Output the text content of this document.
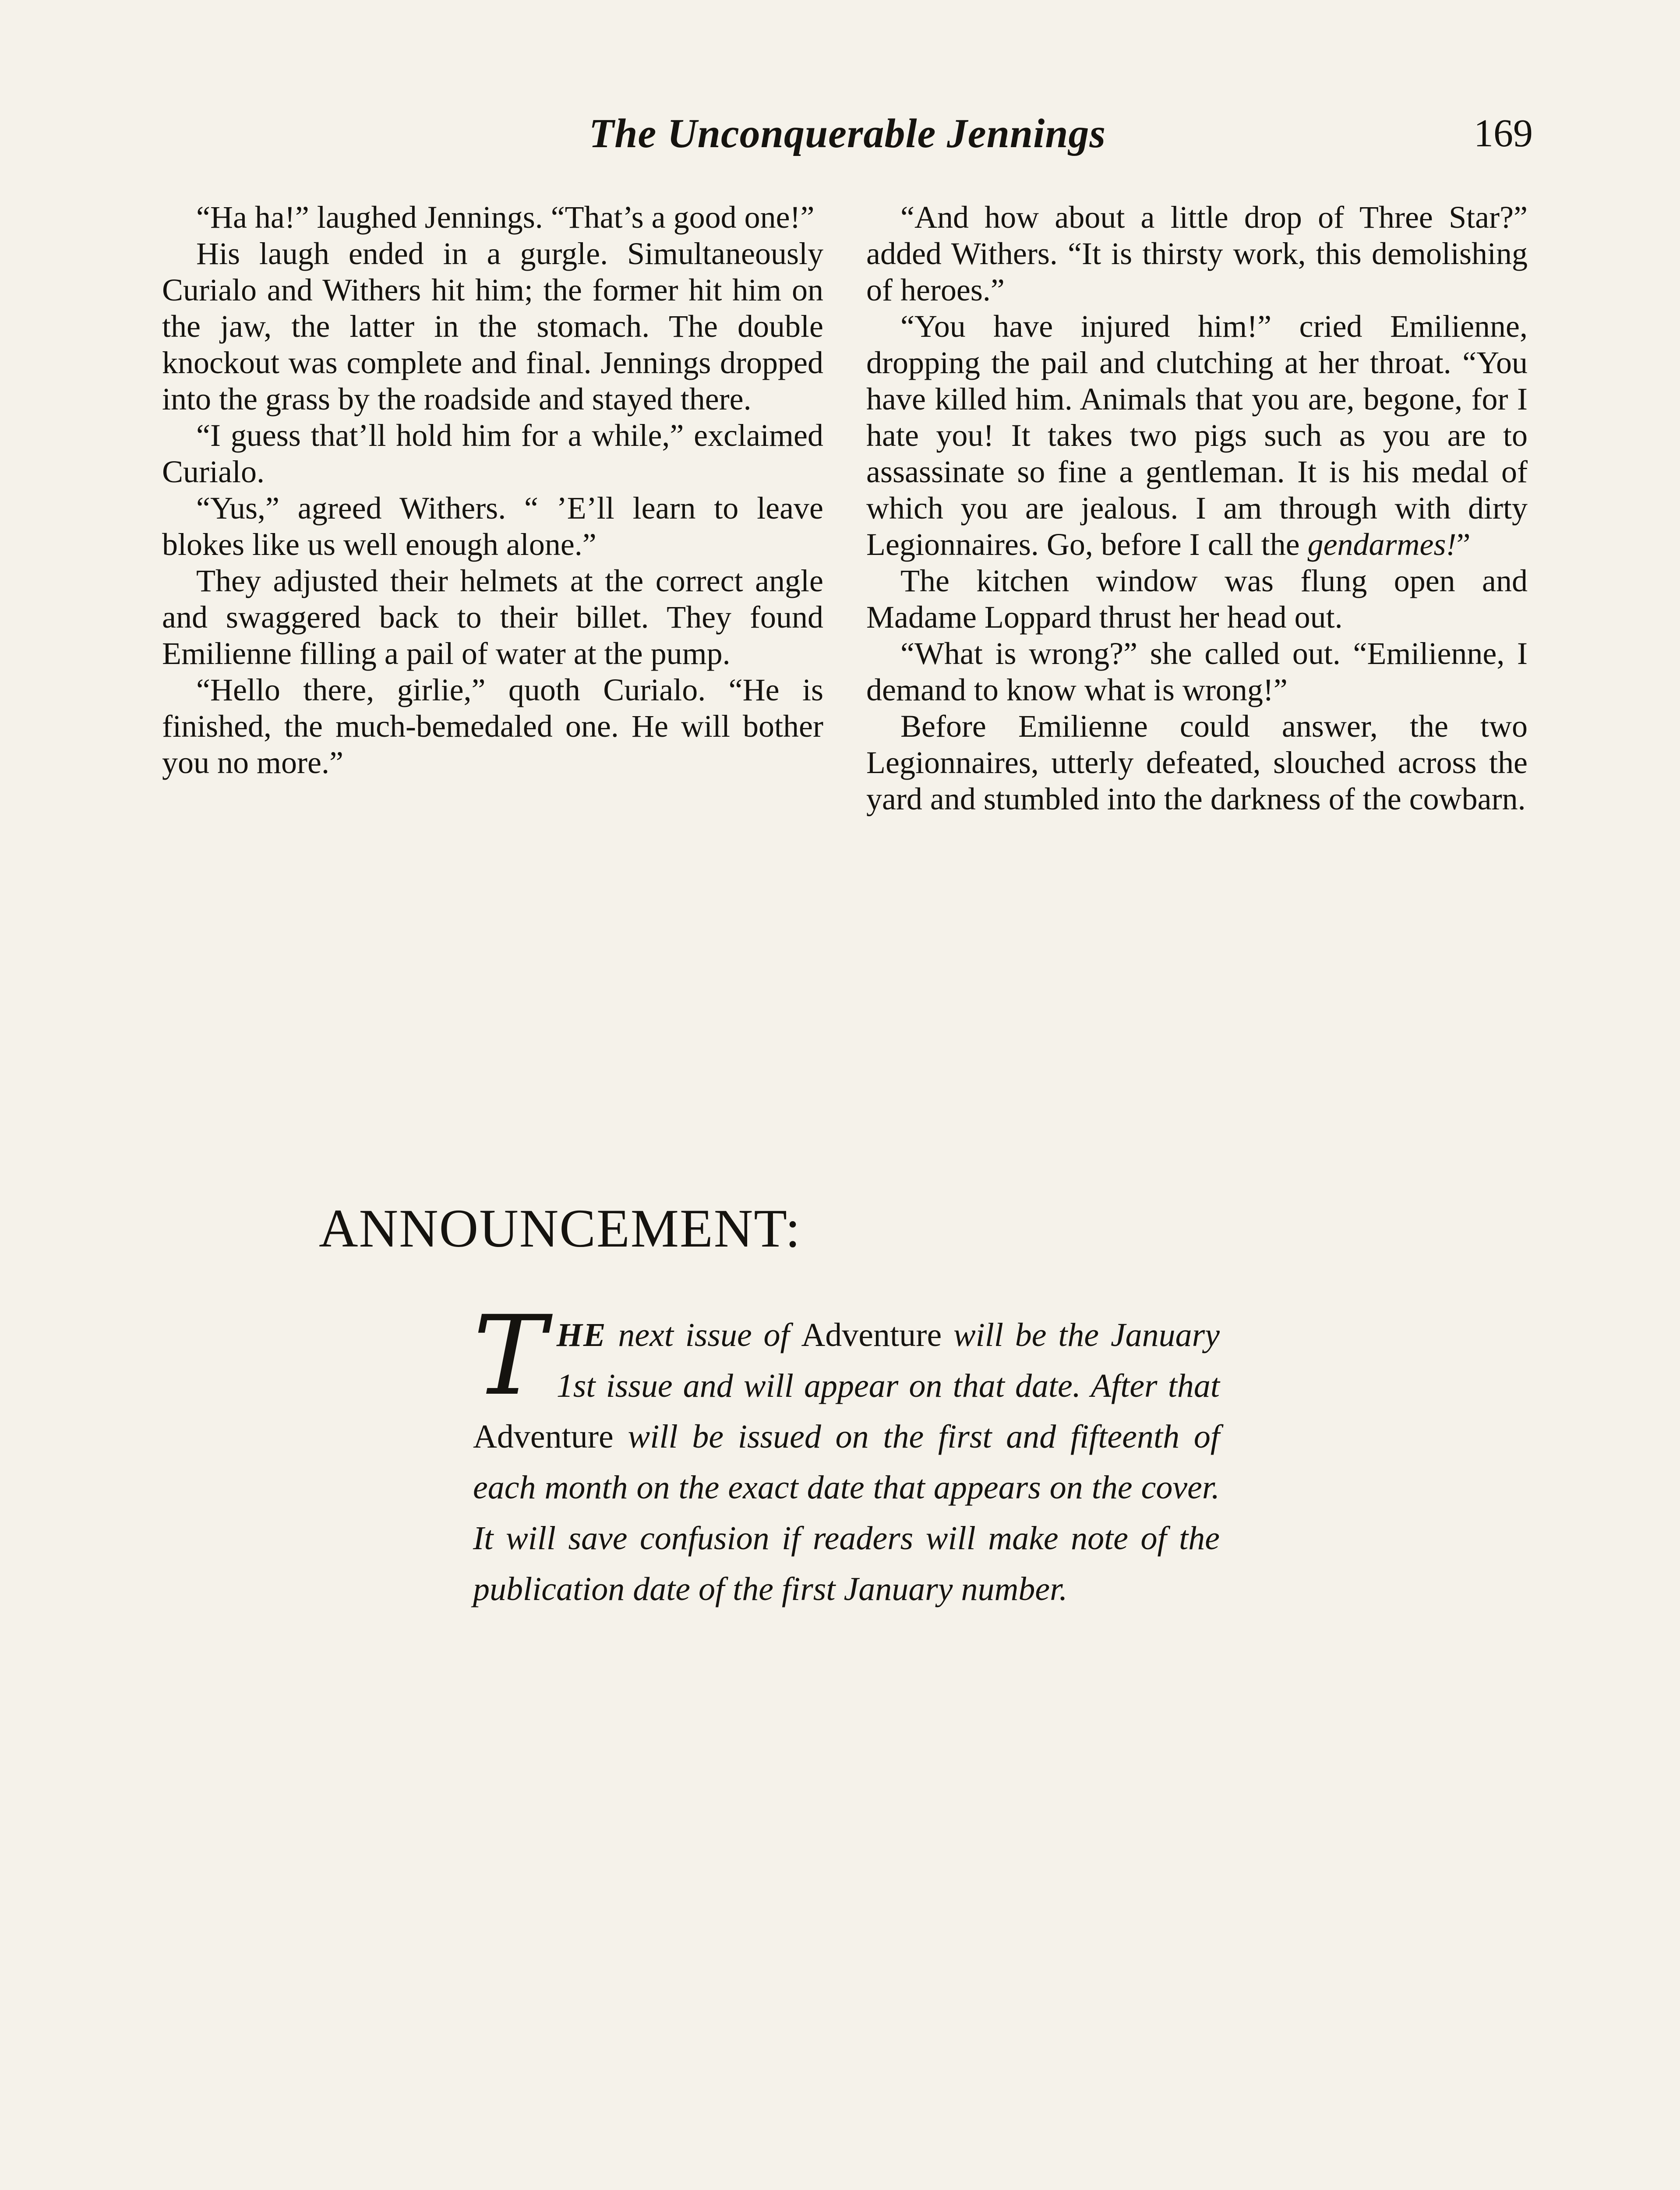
The Unconquerable Jennings	169

“Ha ha!” laughed Jennings. “That’s a good one!”

His laugh ended in a gurgle. Simultaneously Curialo and Withers hit him; the former hit him on the jaw, the latter in the stomach. The double knockout was complete and final. Jennings dropped into the grass by the roadside and stayed there.

“I guess that’ll hold him for a while,” exclaimed Curialo.

“Yus,” agreed Withers. “ ’E’ll learn to leave blokes like us well enough alone.”

They adjusted their helmets at the correct angle and swaggered back to their billet. They found Emilienne filling a pail of water at the pump.

“Hello there, girlie,” quoth Curialo. “He is finished, the much-bemedaled one. He will bother you no more.”

“And how about a little drop of Three Star?” added Withers. “It is thirsty work, this demolishing of heroes.”

“You have injured him!” cried Emilienne, dropping the pail and clutching at her throat. “You have killed him. Animals that you are, begone, for I hate you! It takes two pigs such as you are to assassinate so fine a gentleman. It is his medal of which you are jealous. I am through with dirty Legionnaires. Go, before I call the gendarmes!”

The kitchen window was flung open and Madame Loppard thrust her head out.

“What is wrong?” she called out. “Emilienne, I demand to know what is wrong!”

Before Emilienne could answer, the two Legionnaires, utterly defeated, slouched across the yard and stumbled into the darkness of the cowbarn.

ANNOUNCEMENT:

THE next issue of Adventure will be the January 1st issue and will appear on that date. After that Adventure will be issued on the first and fifteenth of each month on the exact date that appears on the cover. It will save confusion if readers will make note of the publication date of the first January number.
